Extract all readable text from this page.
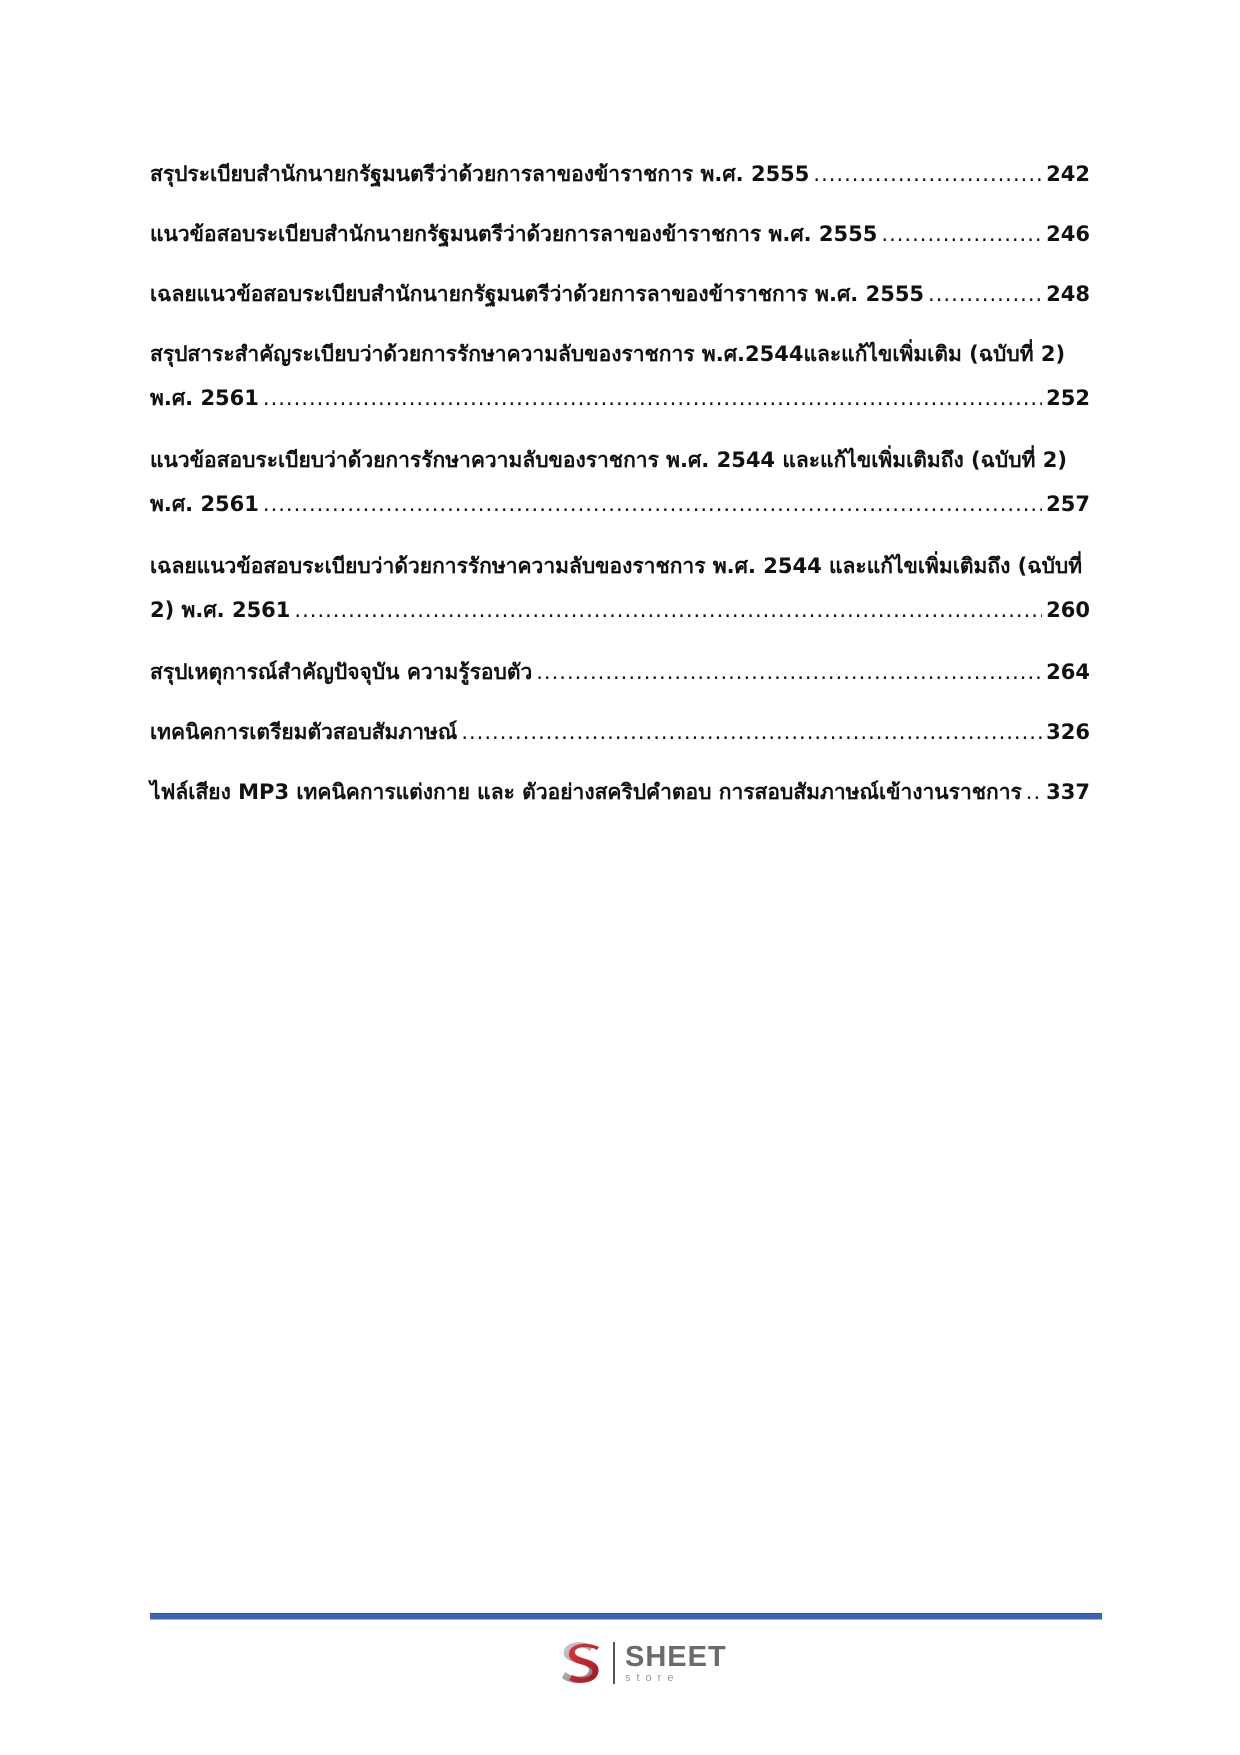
สรุประเบียบสำนักนายกรัฐมนตรีว่าด้วยการลาของข้าราชการ พ.ศ. 2555 .....	242
แนวข้อสอบระเบียบสำนักนายกรัฐมนตรีว่าด้วยการลาของข้าราชการ พ.ศ. 2555 .....	246
เฉลยแนวข้อสอบระเบียบสำนักนายกรัฐมนตรีว่าด้วยการลาของข้าราชการ พ.ศ. 2555 .....	248
สรุปสาระสำคัญระเบียบว่าด้วยการรักษาความลับของราชการ พ.ศ.2544และแก้ไขเพิ่มเติม (ฉบับที่ 2)
พ.ศ. 2561 .....	252
แนวข้อสอบระเบียบว่าด้วยการรักษาความลับของราชการ พ.ศ. 2544 และแก้ไขเพิ่มเติมถึง (ฉบับที่ 2)
พ.ศ. 2561 .....	257
เฉลยแนวข้อสอบระเบียบว่าด้วยการรักษาความลับของราชการ พ.ศ. 2544 และแก้ไขเพิ่มเติมถึง (ฉบับที่
2) พ.ศ. 2561 .....	260
สรุปเหตุการณ์สำคัญปัจจุบัน ความรู้รอบตัว .....	264
เทคนิคการเตรียมตัวสอบสัมภาษณ์ .....	326
ไฟล์เสียง MP3 เทคนิคการแต่งกาย และ ตัวอย่างสคริปคำตอบ การสอบสัมภาษณ์เข้างานราชการ ..... 337
SHEET
store
